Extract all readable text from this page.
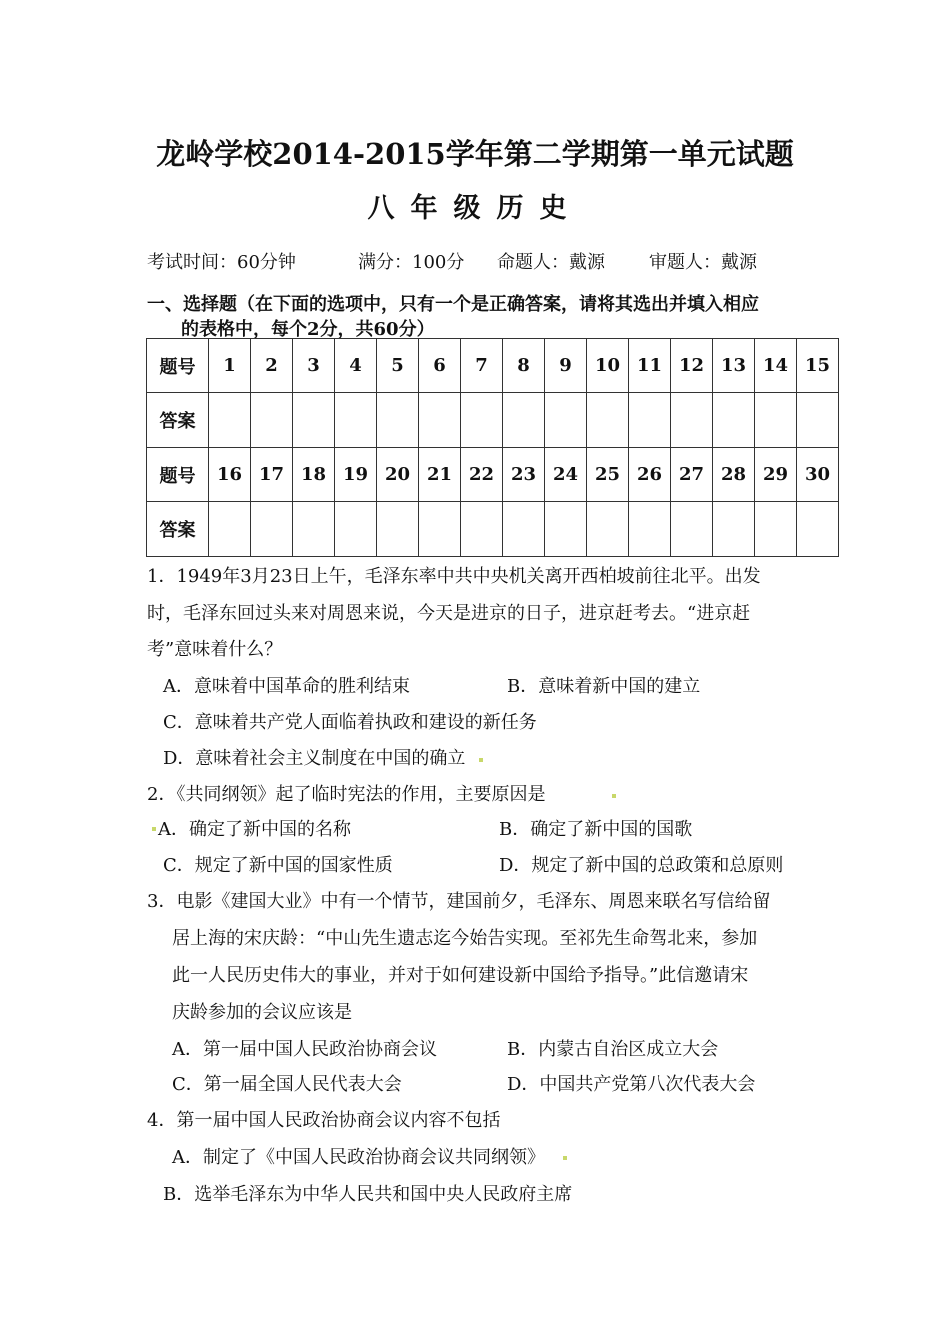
龙岭学校2014-2015学年第二学期第一单元试题
八年级历史
考试时间：60分钟	满分：100分 命题人：戴源 审题人：戴源
一、选择题（在下面的选项中，只有一个是正确答案，请将其选出并填入相应
的表格中，每个2分，共60分）
题号	1	2	3	4	5	6	7	8	9	10	11	12	13	14	15
答案															
题号	16	17	18	19	20	21	22	23	24	25	26	27	28	29	30
答案															
1．1949年3月23日上午，毛泽东率中共中央机关离开西柏坡前往北平。出发
时，毛泽东回过头来对周恩来说，今天是进京的日子，进京赶考去。“进京赶
考”意味着什么？
A．意味着中国革命的胜利结束	B．意味着新中国的建立
C．意味着共产党人面临着执政和建设的新任务
D．意味着社会主义制度在中国的确立
2．《共同纲领》起了临时宪法的作用，主要原因是
A．确定了新中国的名称	B．确定了新中国的国歌
C．规定了新中国的国家性质	D．规定了新中国的总政策和总原则
3．电影《建国大业》中有一个情节，建国前夕，毛泽东、周恩来联名写信给留
居上海的宋庆龄：“中山先生遗志迄今始告实现。至祁先生命驾北来，参加
此一人民历史伟大的事业，并对于如何建设新中国给予指导。”此信邀请宋
庆龄参加的会议应该是
A．第一届中国人民政治协商会议	B．内蒙古自治区成立大会
C．第一届全国人民代表大会	D．中国共产党第八次代表大会
4．第一届中国人民政治协商会议内容不包括
A．制定了《中国人民政治协商会议共同纲领》
B．选举毛泽东为中华人民共和国中央人民政府主席
